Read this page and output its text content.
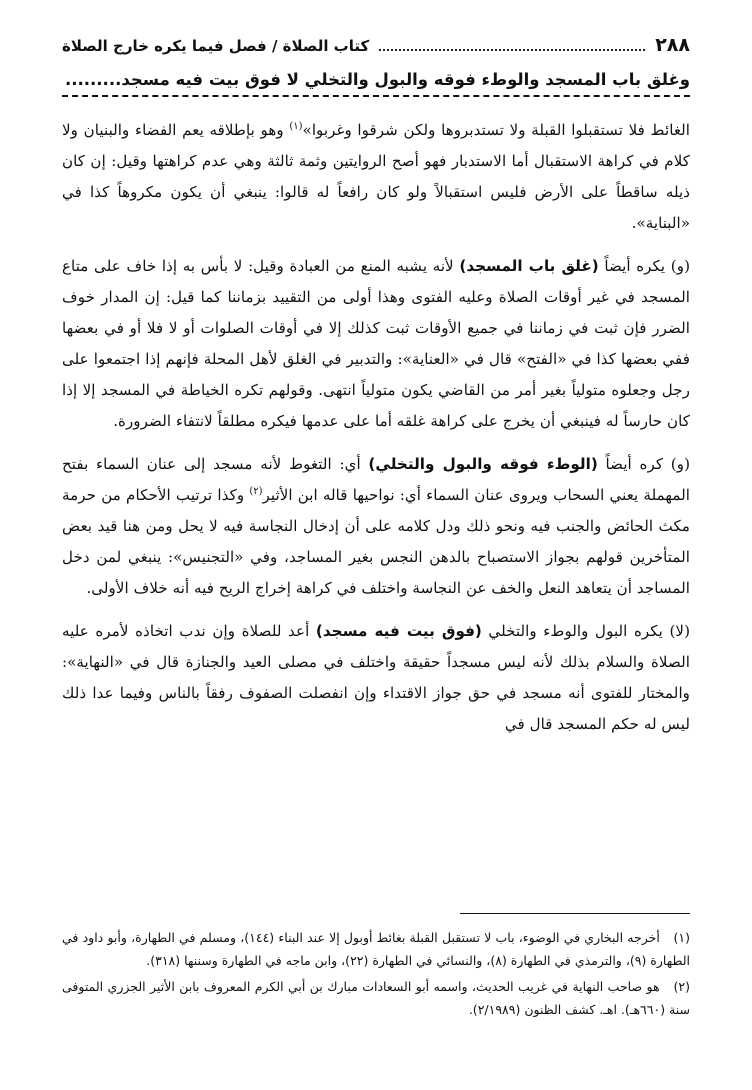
٢٨٨
كتاب الصلاة / فصل فيما يكره خارج الصلاة
وغلق باب المسجد والوطء فوقه والبول والتخلي لا فوق بيت فيه مسجد.........

الغائط فلا تستقبلوا القبلة ولا تستدبروها ولكن شرقوا وغربوا»$^{(١)}$ وهو بإطلاقه يعم الفضاء والبنيان ولا كلام في كراهة الاستقبال أما الاستدبار فهو أصح الروايتين وثمة ثالثة وهي عدم كراهتها وقيل: إن كان ذيله ساقطاً على الأرض فليس استقبالاً ولو كان رافعاً له قالوا: ينبغي أن يكون مكروهاً كذا في «البناية».

(و) يكره أيضاً (غلق باب المسجد) لأنه يشبه المنع من العبادة وقيل: لا بأس به إذا خاف على متاع المسجد في غير أوقات الصلاة وعليه الفتوى وهذا أولى من التقييد بزماننا كما قيل: إن المدار خوف الضرر فإن ثبت في زماننا في جميع الأوقات ثبت كذلك إلا في أوقات الصلوات أو لا فلا أو في بعضها ففي بعضها كذا في «الفتح» قال في «العناية»: والتدبير في الغلق لأهل المحلة فإنهم إذا اجتمعوا على رجل وجعلوه متولياً بغير أمر من القاضي يكون متولياً انتهى. وقولهم تكره الخياطة في المسجد إلا إذا كان حارساً له فينبغي أن يخرج على كراهة غلقه أما على عدمها فيكره مطلقاً لانتفاء الضرورة.

(و) كره أيضاً (الوطء فوقه والبول والتخلي) أي: التغوط لأنه مسجد إلى عنان السماء بفتح المهملة يعني السحاب ويروى عنان السماء أي: نواحيها قاله ابن الأثير$^{(٢)}$ وكذا ترتيب الأحكام من حرمة مكث الحائض والجنب فيه ونحو ذلك ودل كلامه على أن إدخال النجاسة فيه لا يحل ومن هنا قيد بعض المتأخرين قولهم بجواز الاستصباح بالدهن النجس بغير المساجد، وفي «التجنيس»: ينبغي لمن دخل المساجد أن يتعاهد النعل والخف عن النجاسة واختلف في كراهة إخراج الريح فيه أنه خلاف الأولى.

(لا) يكره البول والوطء والتخلي (فوق بيت فيه مسجد) أعد للصلاة وإن ندب اتخاذه لأمره عليه الصلاة والسلام بذلك لأنه ليس مسجداً حقيقة واختلف في مصلى العيد والجنازة قال في «النهاية»: والمختار للفتوى أنه مسجد في حق جواز الاقتداء وإن انفصلت الصفوف رفقاً بالناس وفيما عدا ذلك ليس له حكم المسجد قال في

(١) أخرجه البخاري في الوضوء، باب لا تستقبل القبلة بغائط أوبول إلا عند البناء (١٤٤)، ومسلم في الطهارة، وأبو داود في الطهارة (٩)، والترمذي في الطهارة (٨)، والنسائي في الطهارة (٢٢)، وابن ماجه في الطهارة وسننها (٣١٨).

(٢) هو صاحب النهاية في غريب الحديث، واسمه أبو السعادات مبارك بن أبي الكرم المعروف بابن الأثير الجزري المتوفى سنة (٦٦٠هـ). اهـ. كشف الظنون (٢/١٩٨٩).
